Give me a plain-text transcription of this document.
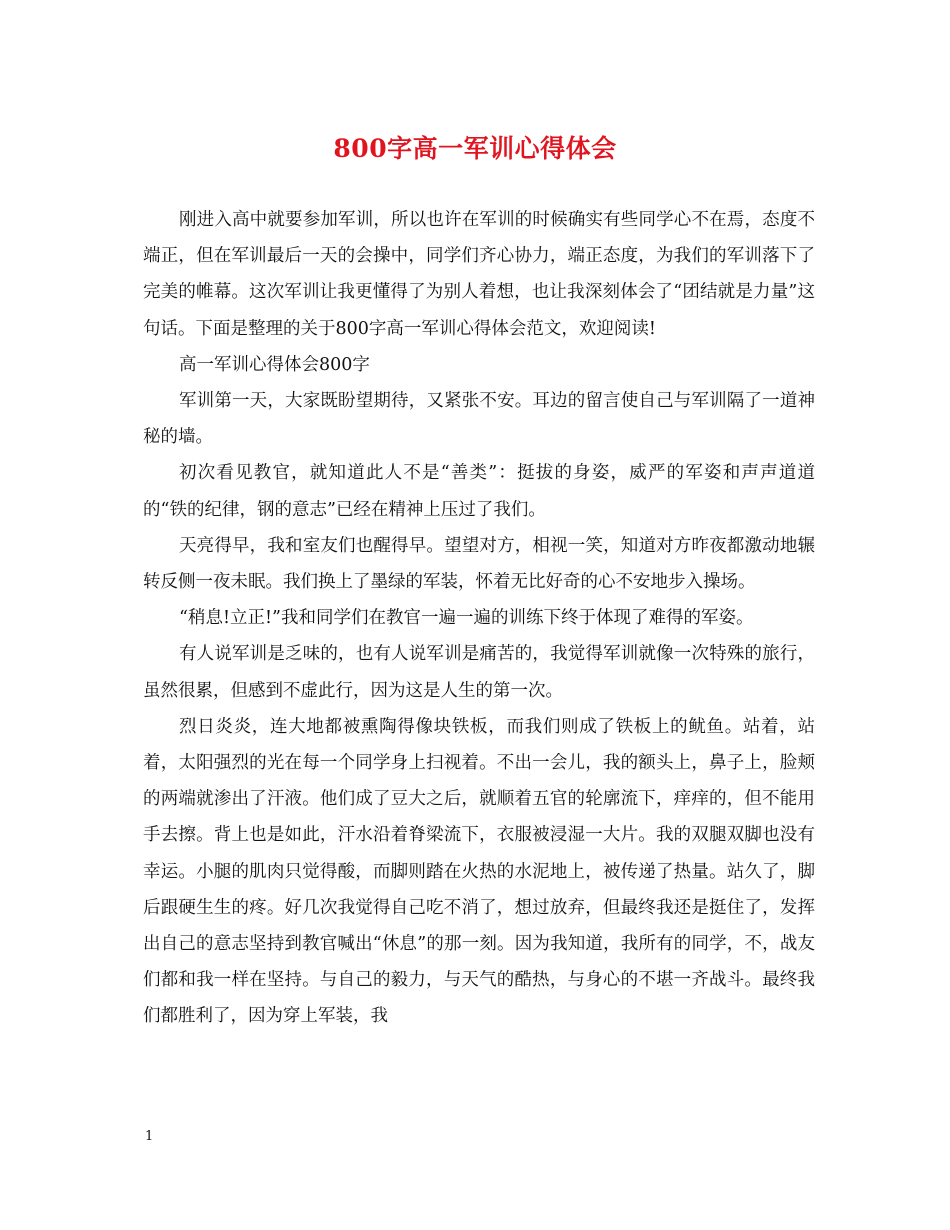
800字高一军训心得体会

刚进入高中就要参加军训，所以也许在军训的时候确实有些同学心不在焉，态度不端正，但在军训最后一天的会操中，同学们齐心协力，端正态度，为我们的军训落下了完美的帷幕。这次军训让我更懂得了为别人着想，也让我深刻体会了“团结就是力量”这句话。下面是整理的关于800字高一军训心得体会范文，欢迎阅读!

高一军训心得体会800字

军训第一天，大家既盼望期待，又紧张不安。耳边的留言使自己与军训隔了一道神秘的墙。

初次看见教官，就知道此人不是“善类”：挺拔的身姿，威严的军姿和声声道道的“铁的纪律，钢的意志”已经在精神上压过了我们。

天亮得早，我和室友们也醒得早。望望对方，相视一笑，知道对方昨夜都激动地辗转反侧一夜未眠。我们换上了墨绿的军装，怀着无比好奇的心不安地步入操场。

“稍息!立正!”我和同学们在教官一遍一遍的训练下终于体现了难得的军姿。

有人说军训是乏味的，也有人说军训是痛苦的，我觉得军训就像一次特殊的旅行，虽然很累，但感到不虚此行，因为这是人生的第一次。

烈日炎炎，连大地都被熏陶得像块铁板，而我们则成了铁板上的鱿鱼。站着，站着，太阳强烈的光在每一个同学身上扫视着。不出一会儿，我的额头上，鼻子上，脸颊的两端就渗出了汗液。他们成了豆大之后，就顺着五官的轮廓流下，痒痒的，但不能用手去擦。背上也是如此，汗水沿着脊梁流下，衣服被浸湿一大片。我的双腿双脚也没有幸运。小腿的肌肉只觉得酸，而脚则踏在火热的水泥地上，被传递了热量。站久了，脚后跟硬生生的疼。好几次我觉得自己吃不消了，想过放弃，但最终我还是挺住了，发挥出自己的意志坚持到教官喊出“休息”的那一刻。因为我知道，我所有的同学，不，战友们都和我一样在坚持。与自己的毅力，与天气的酷热，与身心的不堪一齐战斗。最终我们都胜利了，因为穿上军装，我

1
